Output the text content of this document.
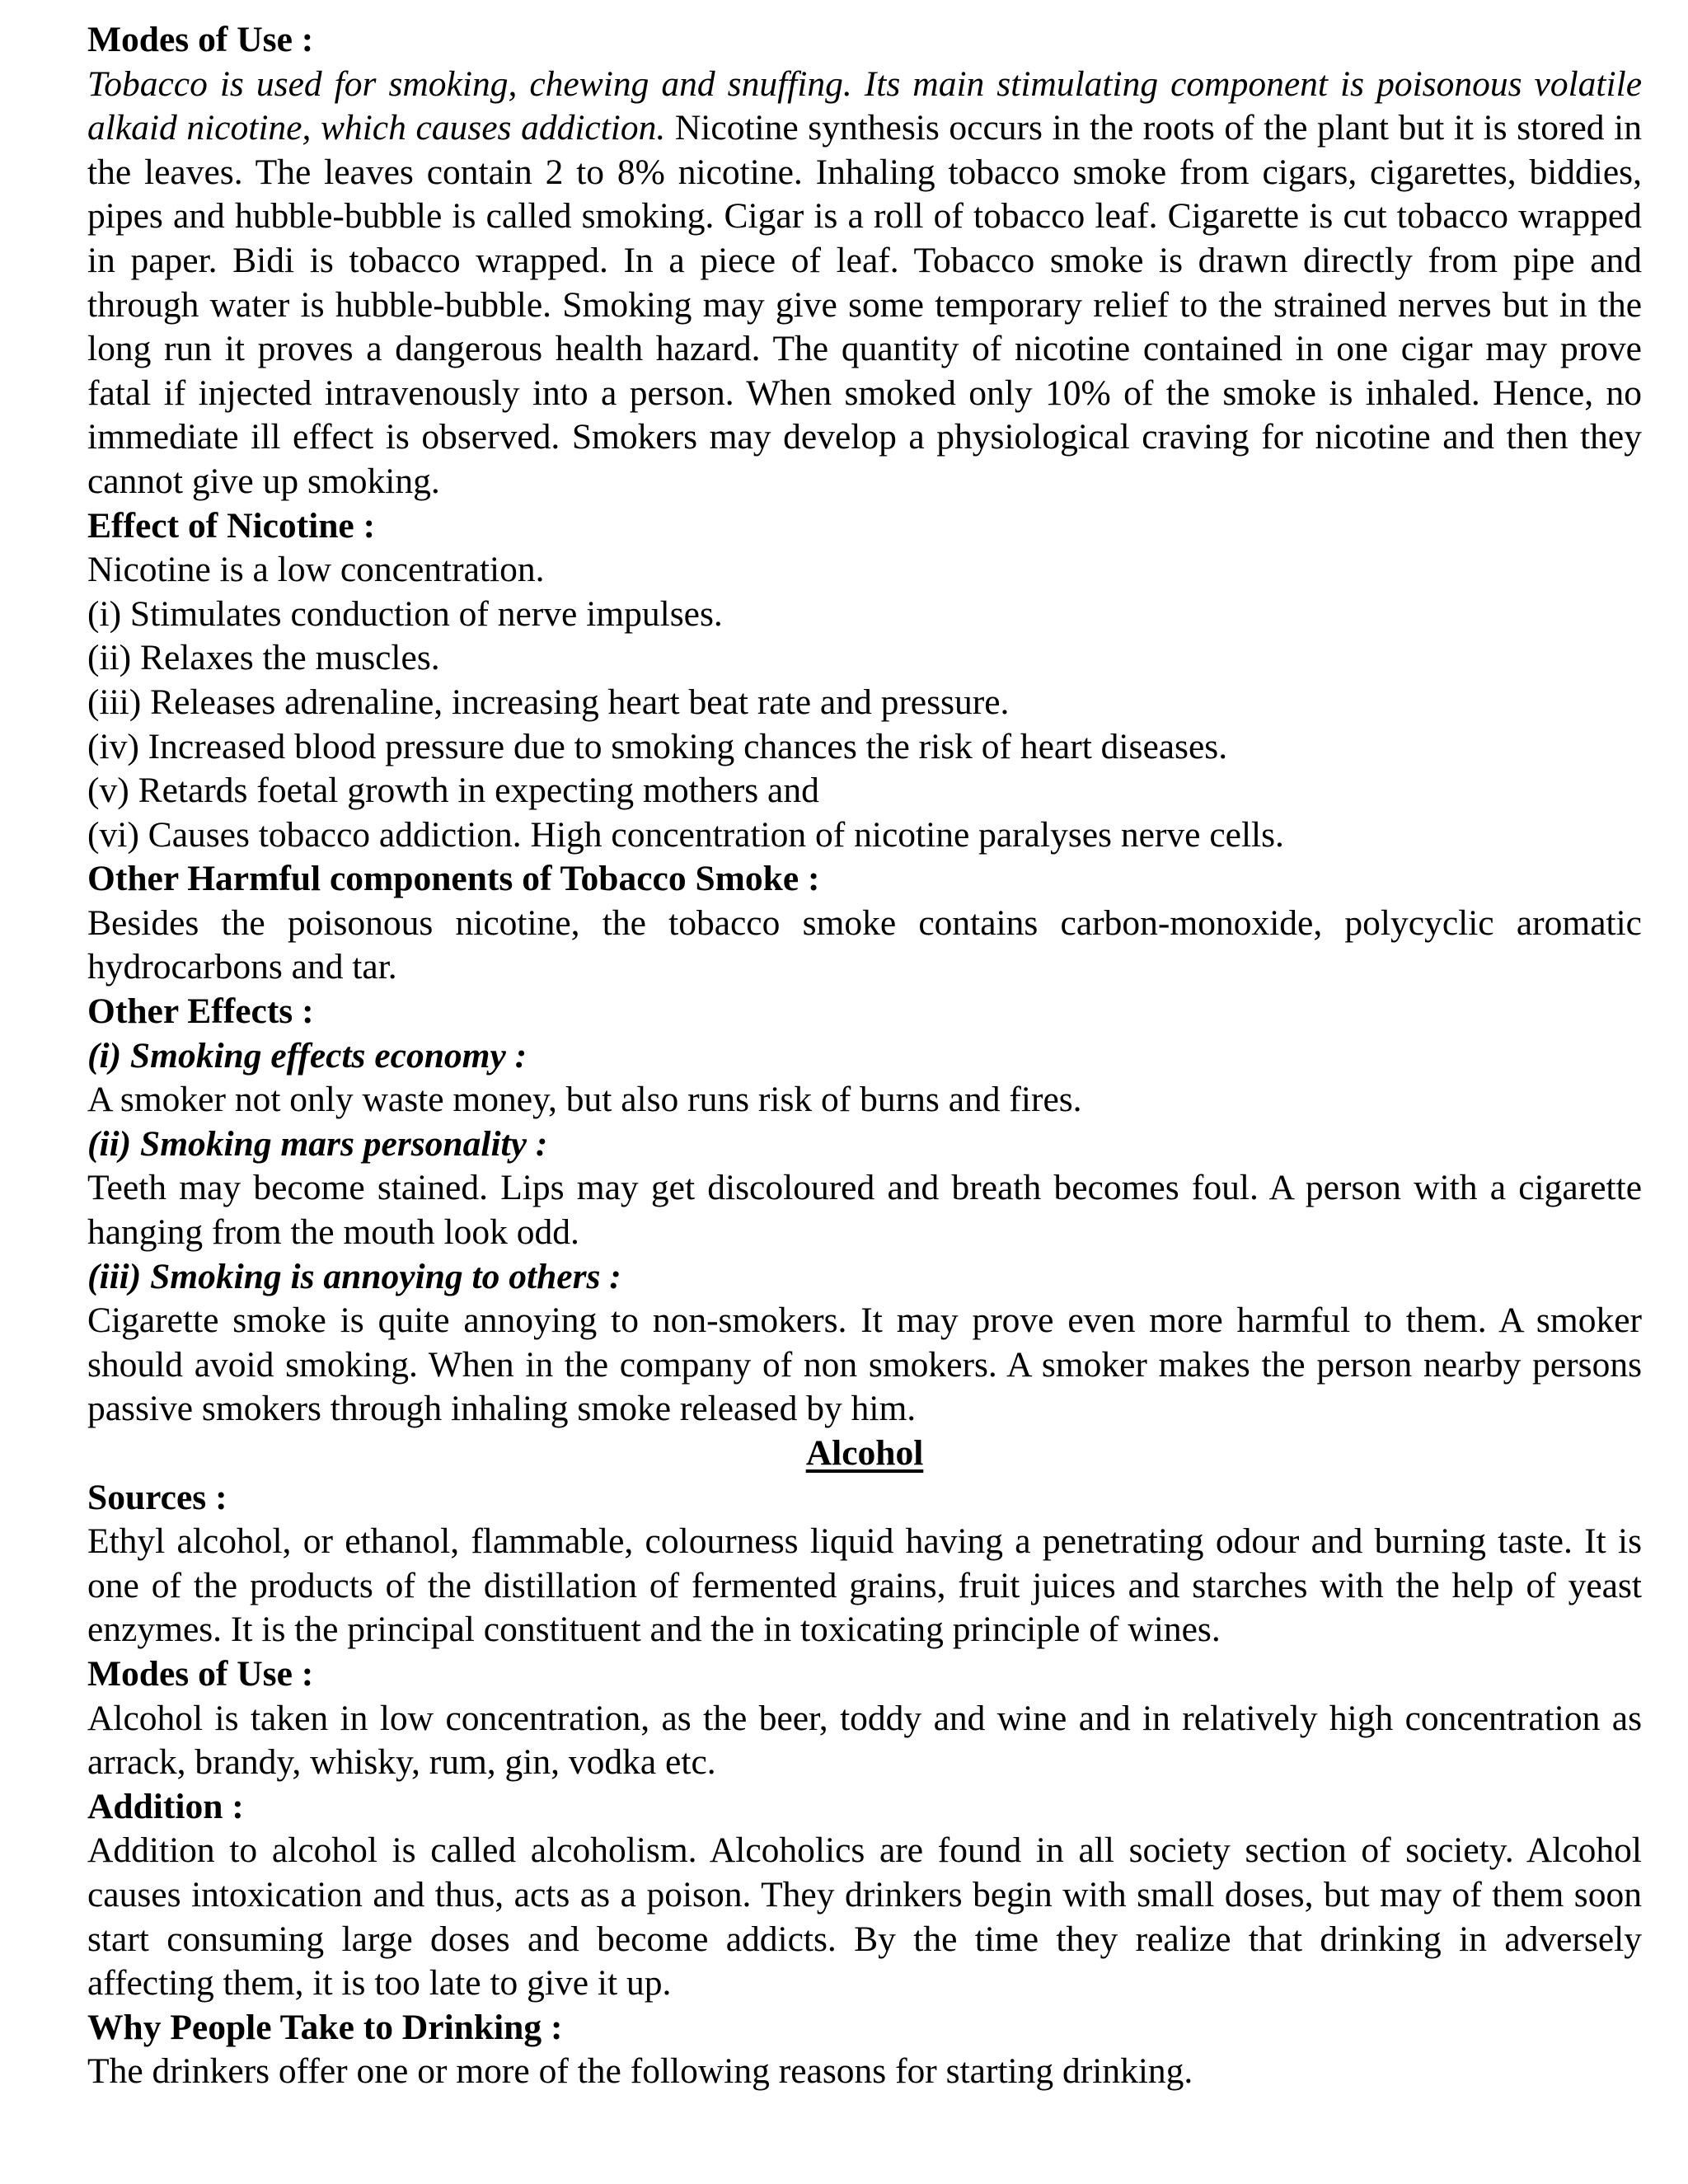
Modes of Use :

Tobacco is used for smoking, chewing and snuffing. Its main stimulating component is poisonous volatile alkaid nicotine, which causes addiction. Nicotine synthesis occurs in the roots of the plant but it is stored in the leaves. The leaves contain 2 to 8% nicotine. Inhaling tobacco smoke from cigars, cigarettes, biddies, pipes and hubble-bubble is called smoking. Cigar is a roll of tobacco leaf. Cigarette is cut tobacco wrapped in paper. Bidi is tobacco wrapped. In a piece of leaf. Tobacco smoke is drawn directly from pipe and through water is hubble-bubble. Smoking may give some temporary relief to the strained nerves but in the long run it proves a dangerous health hazard. The quantity of nicotine contained in one cigar may prove fatal if injected intravenously into a person. When smoked only 10% of the smoke is inhaled. Hence, no immediate ill effect is observed. Smokers may develop a physiological craving for nicotine and then they cannot give up smoking.

Effect of Nicotine :
Nicotine is a low concentration.
(i) Stimulates conduction of nerve impulses.
(ii) Relaxes the muscles.
(iii) Releases adrenaline, increasing heart beat rate and pressure.
(iv) Increased blood pressure due to smoking chances the risk of heart diseases.
(v) Retards foetal growth in expecting mothers and
(vi) Causes tobacco addiction. High concentration of nicotine paralyses nerve cells.
Other Harmful components of Tobacco Smoke :

Besides the poisonous nicotine, the tobacco smoke contains carbon-monoxide, polycyclic aromatic hydrocarbons and tar.

Other Effects :
(i) Smoking effects economy :

A smoker not only waste money, but also runs risk of burns and fires.

(ii) Smoking mars personality :

Teeth may become stained. Lips may get discoloured and breath becomes foul. A person with a cigarette hanging from the mouth look odd.

(iii) Smoking is annoying to others :

Cigarette smoke is quite annoying to non-smokers. It may prove even more harmful to them. A smoker should avoid smoking. When in the company of non smokers. A smoker makes the person nearby persons passive smokers through inhaling smoke released by him.

Alcohol
Sources :

Ethyl alcohol, or ethanol, flammable, colourness liquid having a penetrating odour and burning taste. It is one of the products of the distillation of fermented grains, fruit juices and starches with the help of yeast enzymes. It is the principal constituent and the in toxicating principle of wines.

Modes of Use :

Alcohol is taken in low concentration, as the beer, toddy and wine and in relatively high concentration as arrack, brandy, whisky, rum, gin, vodka etc.

Addition :

Addition to alcohol is called alcoholism. Alcoholics are found in all society section of society. Alcohol causes intoxication and thus, acts as a poison. They drinkers begin with small doses, but may of them soon start consuming large doses and become addicts. By the time they realize that drinking in adversely affecting them, it is too late to give it up.

Why People Take to Drinking :

The drinkers offer one or more of the following reasons for starting drinking.
